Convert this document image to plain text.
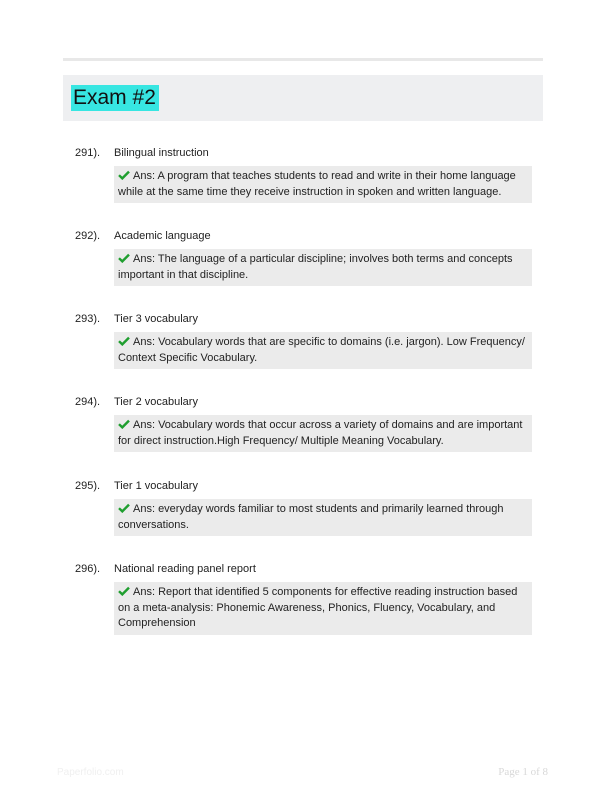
Exam #2
291). Bilingual instruction
Ans: A program that teaches students to read and write in their home language while at the same time they receive instruction in spoken and written language.
292). Academic language
Ans: The language of a particular discipline; involves both terms and concepts important in that discipline.
293). Tier 3 vocabulary
Ans: Vocabulary words that are specific to domains (i.e. jargon). Low Frequency/ Context Specific Vocabulary.
294). Tier 2 vocabulary
Ans: Vocabulary words that occur across a variety of domains and are important for direct instruction.High Frequency/ Multiple Meaning Vocabulary.
295). Tier 1 vocabulary
Ans: everyday words familiar to most students and primarily learned through conversations.
296). National reading panel report
Ans: Report that identified 5 components for effective reading instruction based on a meta-analysis: Phonemic Awareness, Phonics, Fluency, Vocabulary, and Comprehension
Paperfolio.com	Page 1 of 8
